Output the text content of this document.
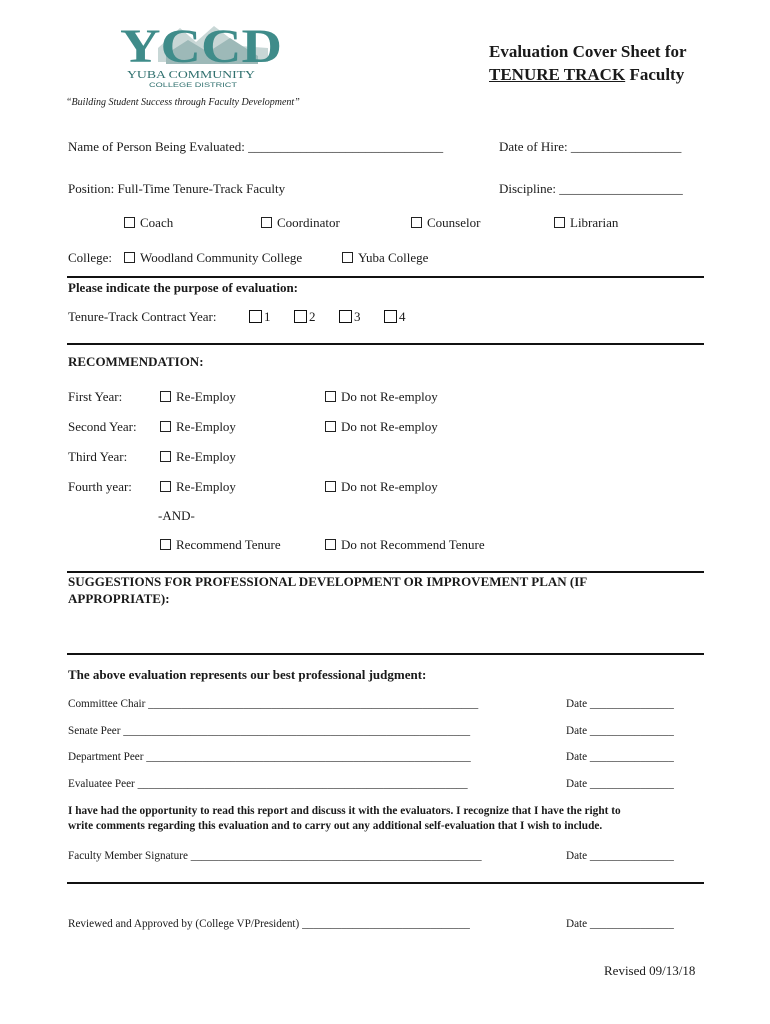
YCCD
YUBA COMMUNITY
COLLEGE DISTRICT
Evaluation Cover Sheet for
TENURE TRACK Faculty
“Building Student Success through Faculty Development”
Name of Person Being Evaluated: ______________________________	Date of Hire: _________________
Position: Full-Time Tenure-Track Faculty	Discipline: ___________________
Coach	Coordinator	Counselor	Librarian
College:	Woodland Community College	Yuba College
Please indicate the purpose of evaluation:
Tenure-Track Contract Year:	1	2	3	4
RECOMMENDATION:
First Year:	Re-Employ	Do not Re-employ
Second Year:	Re-Employ	Do not Re-employ
Third Year:	Re-Employ
Fourth year:	Re-Employ	Do not Re-employ
-AND-
Recommend Tenure	Do not Recommend Tenure
SUGGESTIONS FOR PROFESSIONAL DEVELOPMENT OR IMPROVEMENT PLAN (IF
APPROPRIATE):
The above evaluation represents our best professional judgment:
Committee Chair ___________________________________________________________	Date _______________
Senate Peer ______________________________________________________________	Date _______________
Department Peer __________________________________________________________	Date _______________
Evaluatee Peer ___________________________________________________________	Date _______________
I have had the opportunity to read this report and discuss it with the evaluators. I recognize that I have the right to
write comments regarding this evaluation and to carry out any additional self-evaluation that I wish to include.
Faculty Member Signature ____________________________________________________	Date _______________
Reviewed and Approved by (College VP/President) ______________________________	Date _______________
Revised 09/13/18
